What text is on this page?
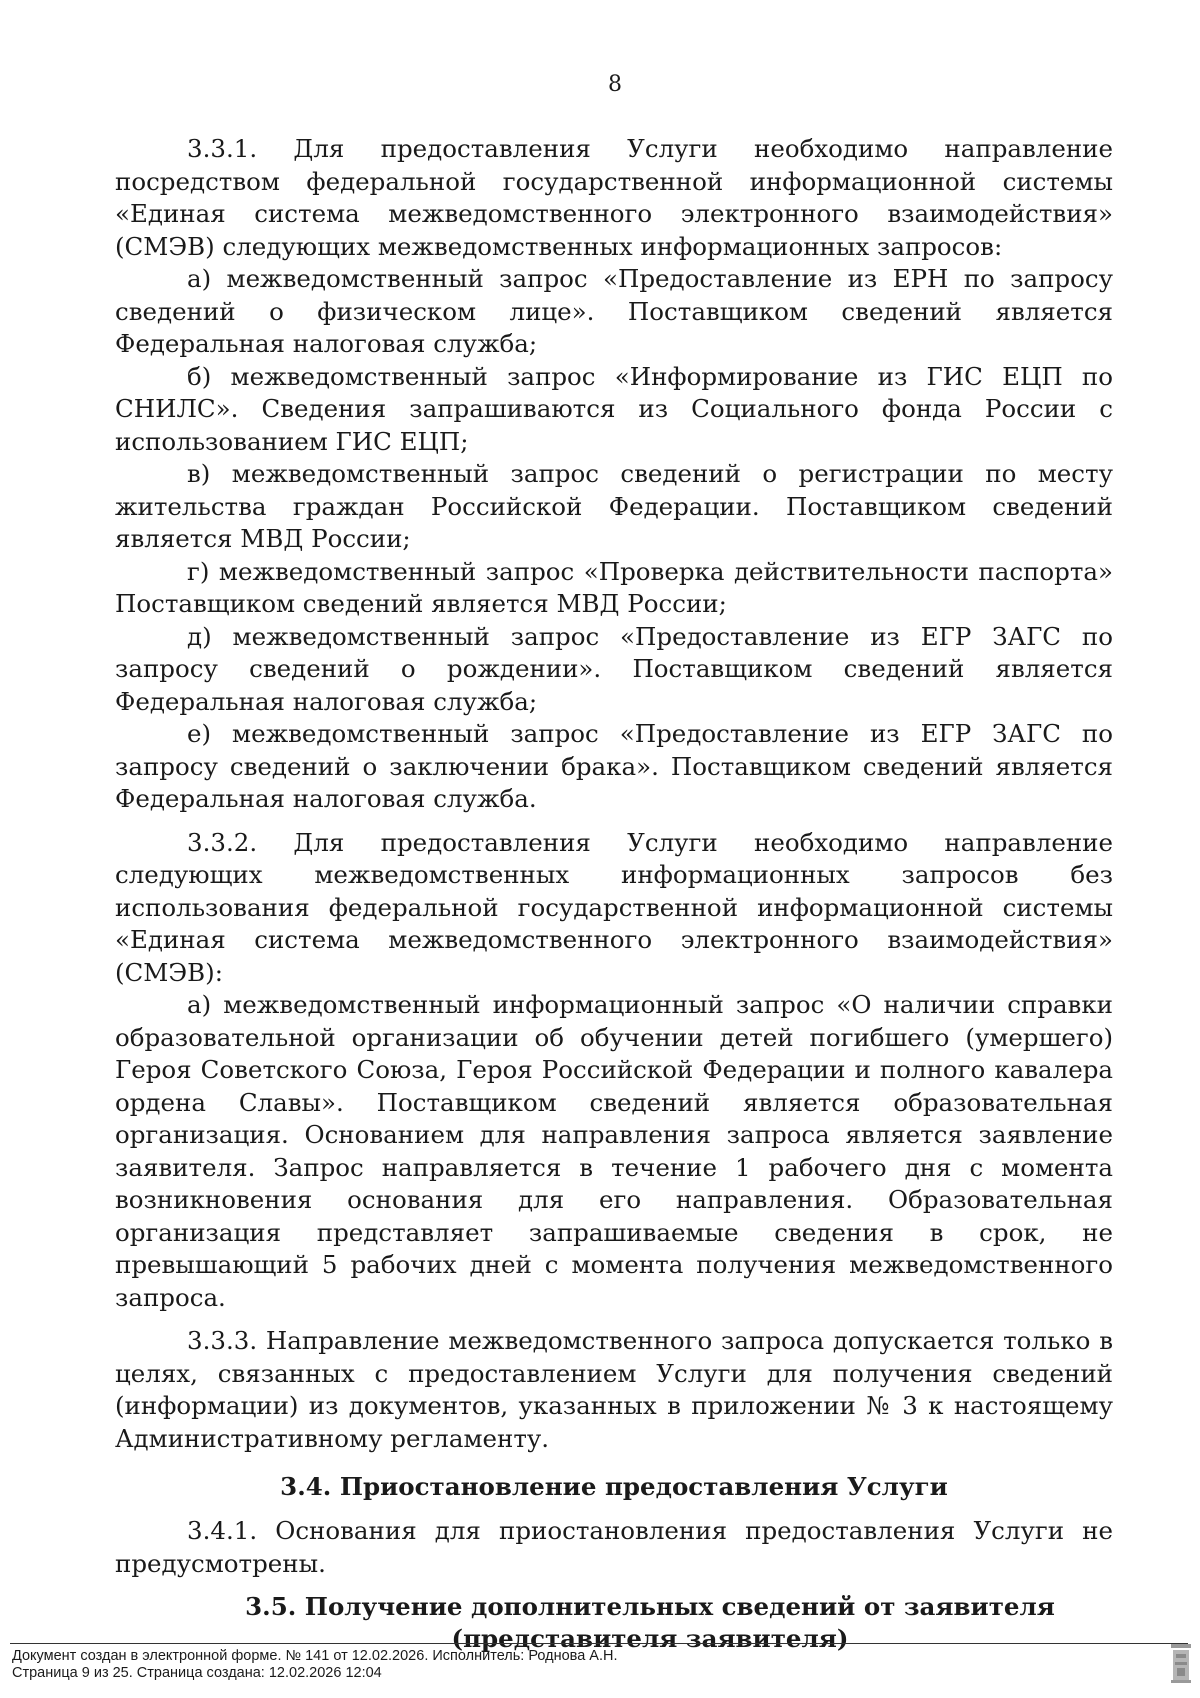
8

3.3.1. Для предоставления Услуги необходимо направление посредством федеральной государственной информационной системы «Единая система межведомственного электронного взаимодействия» (СМЭВ) следующих межведомственных информационных запросов:

а) межведомственный запрос «Предоставление из ЕРН по запросу сведений о физическом лице». Поставщиком сведений является Федеральная налоговая служба;

б) межведомственный запрос «Информирование из ГИС ЕЦП по СНИЛС». Сведения запрашиваются из Социального фонда России с использованием ГИС ЕЦП;

в) межведомственный запрос сведений о регистрации по месту жительства граждан Российской Федерации. Поставщиком сведений является МВД России;

г) межведомственный запрос «Проверка действительности паспорта» Поставщиком сведений является МВД России;

д) межведомственный запрос «Предоставление из ЕГР ЗАГС по запросу сведений о рождении». Поставщиком сведений является Федеральная налоговая служба;

е) межведомственный запрос «Предоставление из ЕГР ЗАГС по запросу сведений о заключении брака». Поставщиком сведений является Федеральная налоговая служба.

3.3.2. Для предоставления Услуги необходимо направление следующих межведомственных информационных запросов без использования федеральной государственной информационной системы «Единая система межведомственного электронного взаимодействия» (СМЭВ):

а) межведомственный информационный запрос «О наличии справки образовательной организации об обучении детей погибшего (умершего) Героя Советского Союза, Героя Российской Федерации и полного кавалера ордена Славы». Поставщиком сведений является образовательная организация. Основанием для направления запроса является заявление заявителя. Запрос направляется в течение 1 рабочего дня с момента возникновения основания для его направления. Образовательная организация представляет запрашиваемые сведения в срок, не превышающий 5 рабочих дней с момента получения межведомственного запроса.

3.3.3. Направление межведомственного запроса допускается только в целях, связанных с предоставлением Услуги для получения сведений (информации) из документов, указанных в приложении № 3 к настоящему Административному регламенту.

3.4. Приостановление предоставления Услуги

3.4.1. Основания для приостановления предоставления Услуги не предусмотрены.

3.5. Получение дополнительных сведений от заявителя (представителя заявителя)
Документ создан в электронной форме. № 141 от 12.02.2026. Исполнитель: Роднова А.Н.
Страница 9 из 25. Страница создана: 12.02.2026 12:04
